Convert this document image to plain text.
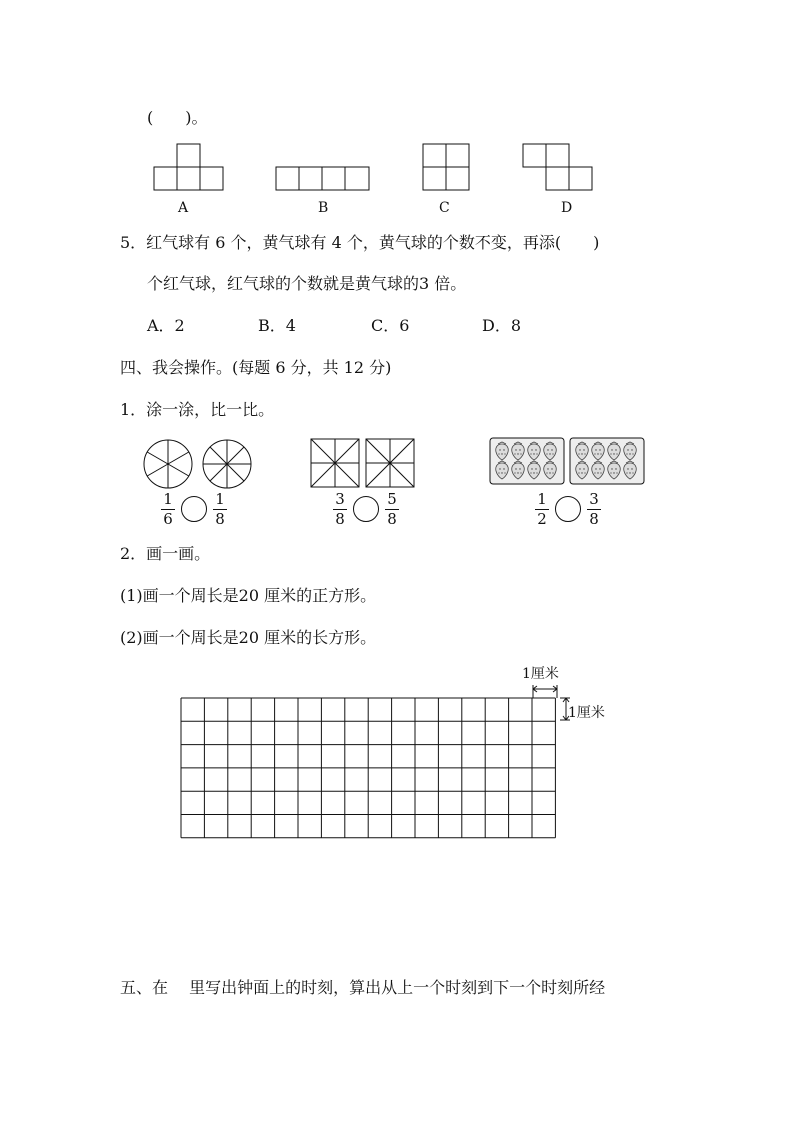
(　　)。
A	B	C	D
5．红气球有 6 个，黄气球有 4 个，黄气球的个数不变，再添(　　)
个红气球，红气球的个数就是黄气球的3 倍。
A．2	B．4	C．6	D．8
四、我会操作。(每题 6 分，共 12 分)
1．涂一涂，比一比。
1
6
1
8
3
8
5
8
1
2
3
8
2．画一画。
(1)画一个周长是20 厘米的正方形。
(2)画一个周长是20 厘米的长方形。
1厘米
1厘米
五、在　 里写出钟面上的时刻，算出从上一个时刻到下一个时刻所经
